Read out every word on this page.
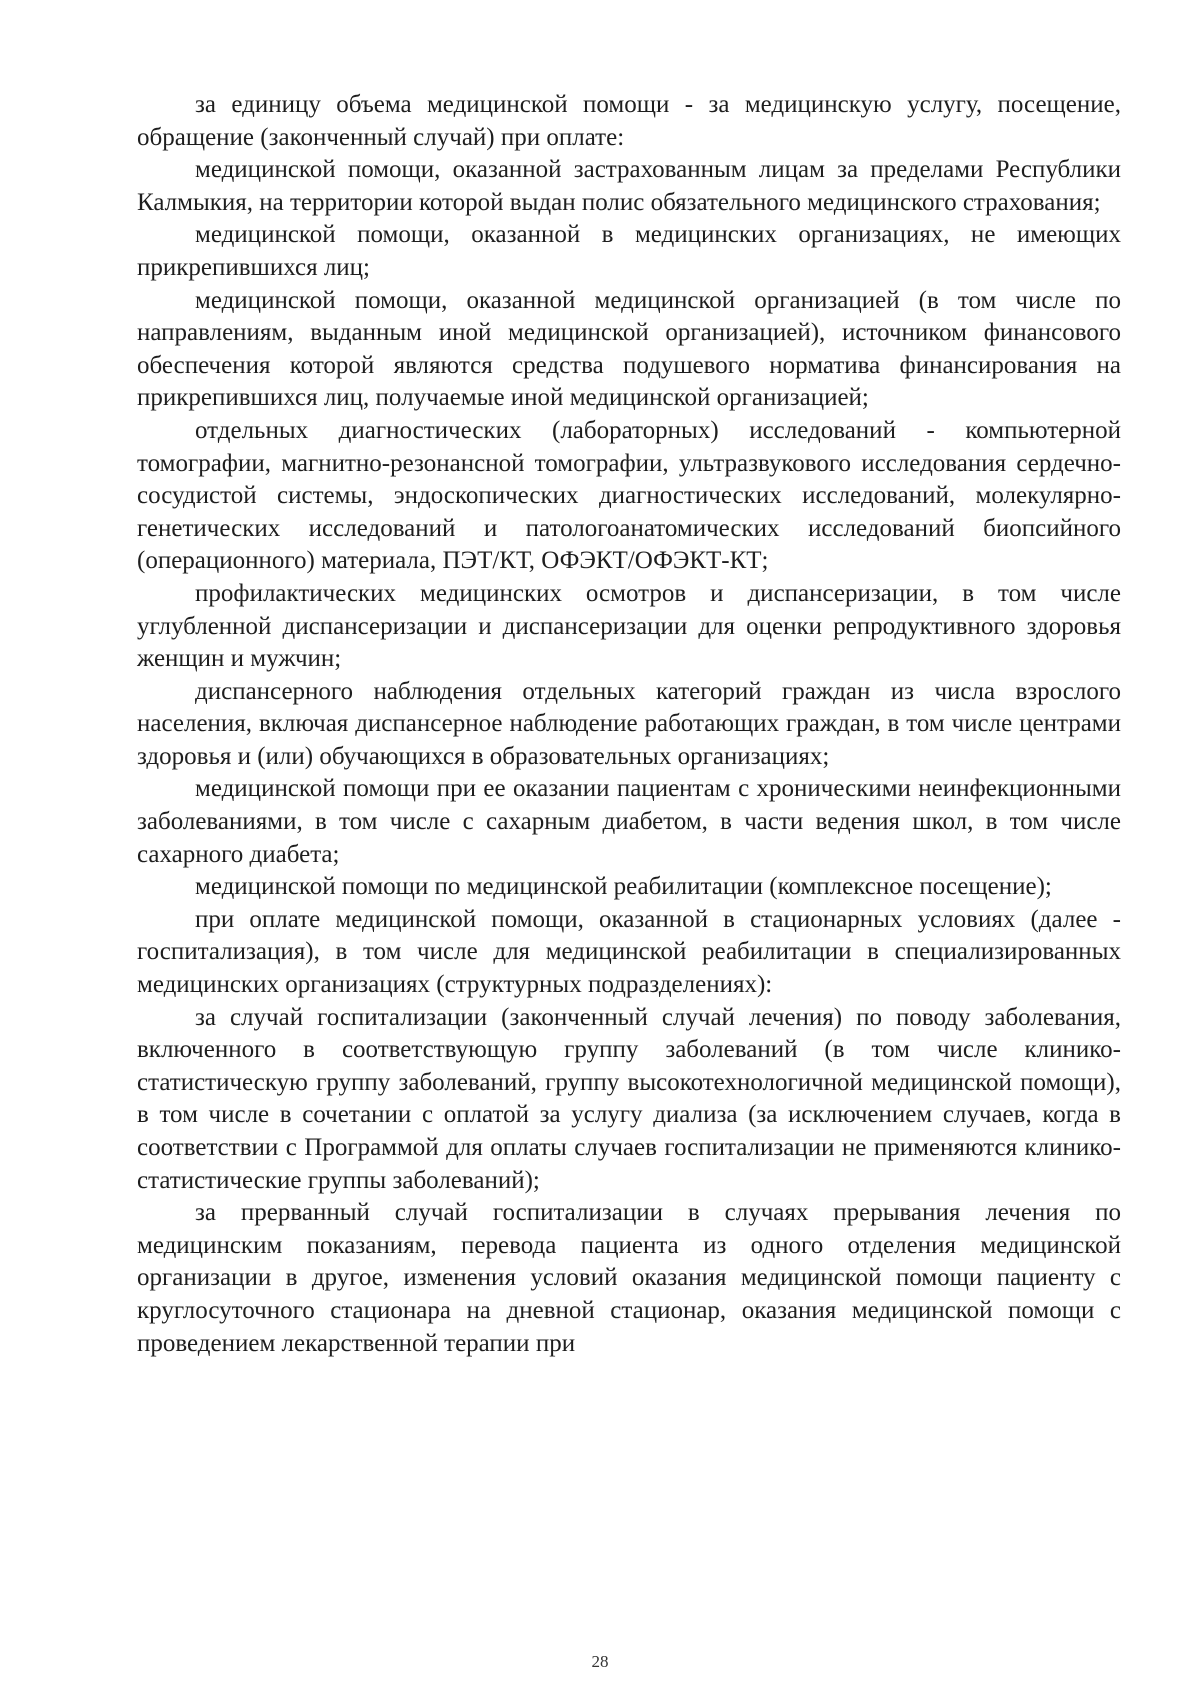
за единицу объема медицинской помощи - за медицинскую услугу, посещение, обращение (законченный случай) при оплате:

медицинской помощи, оказанной застрахованным лицам за пределами Республики Калмыкия, на территории которой выдан полис обязательного медицинского страхования;

медицинской помощи, оказанной в медицинских организациях, не имеющих прикрепившихся лиц;

медицинской помощи, оказанной медицинской организацией (в том числе по направлениям, выданным иной медицинской организацией), источником финансового обеспечения которой являются средства подушевого норматива финансирования на прикрепившихся лиц, получаемые иной медицинской организацией;

отдельных диагностических (лабораторных) исследований - компьютерной томографии, магнитно-резонансной томографии, ультразвукового исследования сердечно-сосудистой системы, эндоскопических диагностических исследований, молекулярно-генетических исследований и патологоанатомических исследований биопсийного (операционного) материала, ПЭТ/КТ, ОФЭКТ/ОФЭКТ-КТ;

профилактических медицинских осмотров и диспансеризации, в том числе углубленной диспансеризации и диспансеризации для оценки репродуктивного здоровья женщин и мужчин;

диспансерного наблюдения отдельных категорий граждан из числа взрослого населения, включая диспансерное наблюдение работающих граждан, в том числе центрами здоровья и (или) обучающихся в образовательных организациях;

медицинской помощи при ее оказании пациентам с хроническими неинфекционными заболеваниями, в том числе с сахарным диабетом, в части ведения школ, в том числе сахарного диабета;

медицинской помощи по медицинской реабилитации (комплексное посещение);

при оплате медицинской помощи, оказанной в стационарных условиях (далее - госпитализация), в том числе для медицинской реабилитации в специализированных медицинских организациях (структурных подразделениях):

за случай госпитализации (законченный случай лечения) по поводу заболевания, включенного в соответствующую группу заболеваний (в том числе клинико-статистическую группу заболеваний, группу высокотехнологичной медицинской помощи), в том числе в сочетании с оплатой за услугу диализа (за исключением случаев, когда в соответствии с Программой для оплаты случаев госпитализации не применяются клинико-статистические группы заболеваний);

за прерванный случай госпитализации в случаях прерывания лечения по медицинским показаниям, перевода пациента из одного отделения медицинской организации в другое, изменения условий оказания медицинской помощи пациенту с круглосуточного стационара на дневной стационар, оказания медицинской помощи с проведением лекарственной терапии при

28
